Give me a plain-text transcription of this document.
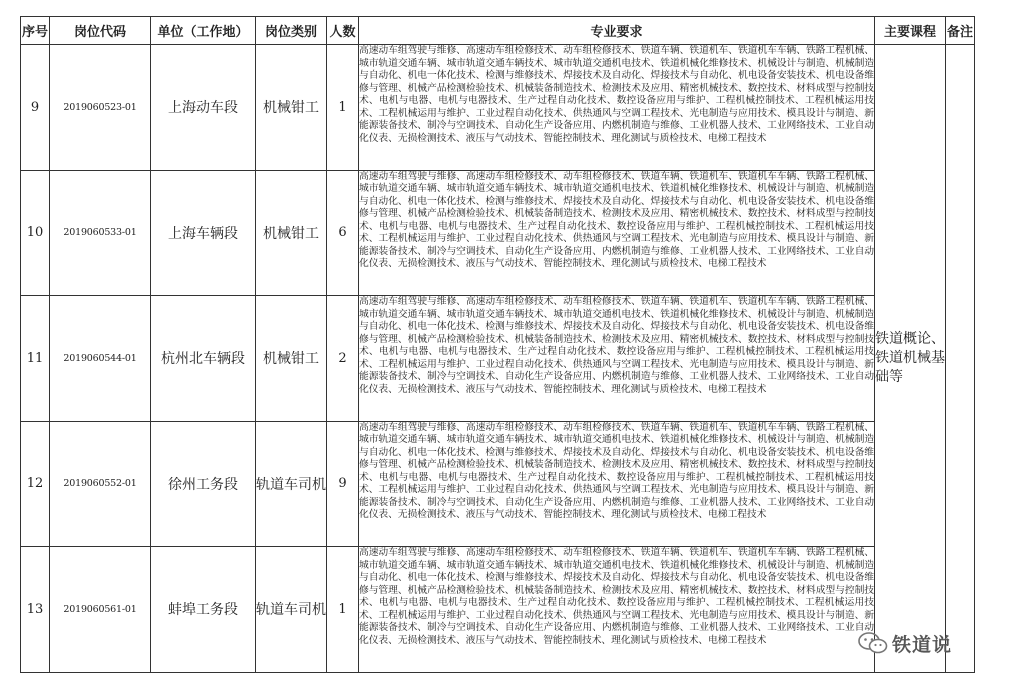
序号	岗位代码	单位（工作地）	岗位类别	人数	专业要求	主要课程	备注
9	2019060523-01	上海动车段	机械钳工	1	高速动车组驾驶与维修、高速动车组检修技术、动车组检修技术、铁道车辆、铁道机车、铁道机车车辆、铁路工程机械、城市轨道交通车辆、城市轨道交通车辆技术、城市轨道交通机电技术、铁道机械化维修技术、机械设计与制造、机械制造与自动化、机电一体化技术、检测与维修技术、焊接技术及自动化、焊接技术与自动化、机电设备安装技术、机电设备维修与管理、机械产品检测检验技术、机械装备制造技术、检测技术及应用、精密机械技术、数控技术、材料成型与控制技术、电机与电器、电机与电器技术、生产过程自动化技术、数控设备应用与维护、工程机械控制技术、工程机械运用技术、工程机械运用与维护、工业过程自动化技术、供热通风与空调工程技术、光电制造与应用技术、模具设计与制造、新能源装备技术、制冷与空调技术、自动化生产设备应用、内燃机制造与维修、工业机器人技术、工业网络技术、工业自动化仪表、无损检测技术、液压与气动技术、智能控制技术、理化测试与质检技术、电梯工程技术	铁道概论、铁道机械基础等	
10	2019060533-01	上海车辆段	机械钳工	6	高速动车组驾驶与维修、高速动车组检修技术、动车组检修技术、铁道车辆、铁道机车、铁道机车车辆、铁路工程机械、城市轨道交通车辆、城市轨道交通车辆技术、城市轨道交通机电技术、铁道机械化维修技术、机械设计与制造、机械制造与自动化、机电一体化技术、检测与维修技术、焊接技术及自动化、焊接技术与自动化、机电设备安装技术、机电设备维修与管理、机械产品检测检验技术、机械装备制造技术、检测技术及应用、精密机械技术、数控技术、材料成型与控制技术、电机与电器、电机与电器技术、生产过程自动化技术、数控设备应用与维护、工程机械控制技术、工程机械运用技术、工程机械运用与维护、工业过程自动化技术、供热通风与空调工程技术、光电制造与应用技术、模具设计与制造、新能源装备技术、制冷与空调技术、自动化生产设备应用、内燃机制造与维修、工业机器人技术、工业网络技术、工业自动化仪表、无损检测技术、液压与气动技术、智能控制技术、理化测试与质检技术、电梯工程技术		
11	2019060544-01	杭州北车辆段	机械钳工	2	高速动车组驾驶与维修、高速动车组检修技术、动车组检修技术、铁道车辆、铁道机车、铁道机车车辆、铁路工程机械、城市轨道交通车辆、城市轨道交通车辆技术、城市轨道交通机电技术、铁道机械化维修技术、机械设计与制造、机械制造与自动化、机电一体化技术、检测与维修技术、焊接技术及自动化、焊接技术与自动化、机电设备安装技术、机电设备维修与管理、机械产品检测检验技术、机械装备制造技术、检测技术及应用、精密机械技术、数控技术、材料成型与控制技术、电机与电器、电机与电器技术、生产过程自动化技术、数控设备应用与维护、工程机械控制技术、工程机械运用技术、工程机械运用与维护、工业过程自动化技术、供热通风与空调工程技术、光电制造与应用技术、模具设计与制造、新能源装备技术、制冷与空调技术、自动化生产设备应用、内燃机制造与维修、工业机器人技术、工业网络技术、工业自动化仪表、无损检测技术、液压与气动技术、智能控制技术、理化测试与质检技术、电梯工程技术		
12	2019060552-01	徐州工务段	轨道车司机	9	高速动车组驾驶与维修、高速动车组检修技术、动车组检修技术、铁道车辆、铁道机车、铁道机车车辆、铁路工程机械、城市轨道交通车辆、城市轨道交通车辆技术、城市轨道交通机电技术、铁道机械化维修技术、机械设计与制造、机械制造与自动化、机电一体化技术、检测与维修技术、焊接技术及自动化、焊接技术与自动化、机电设备安装技术、机电设备维修与管理、机械产品检测检验技术、机械装备制造技术、检测技术及应用、精密机械技术、数控技术、材料成型与控制技术、电机与电器、电机与电器技术、生产过程自动化技术、数控设备应用与维护、工程机械控制技术、工程机械运用技术、工程机械运用与维护、工业过程自动化技术、供热通风与空调工程技术、光电制造与应用技术、模具设计与制造、新能源装备技术、制冷与空调技术、自动化生产设备应用、内燃机制造与维修、工业机器人技术、工业网络技术、工业自动化仪表、无损检测技术、液压与气动技术、智能控制技术、理化测试与质检技术、电梯工程技术		
13	2019060561-01	蚌埠工务段	轨道车司机	1	高速动车组驾驶与维修、高速动车组检修技术、动车组检修技术、铁道车辆、铁道机车、铁道机车车辆、铁路工程机械、城市轨道交通车辆、城市轨道交通车辆技术、城市轨道交通机电技术、铁道机械化维修技术、机械设计与制造、机械制造与自动化、机电一体化技术、检测与维修技术、焊接技术及自动化、焊接技术与自动化、机电设备安装技术、机电设备维修与管理、机械产品检测检验技术、机械装备制造技术、检测技术及应用、精密机械技术、数控技术、材料成型与控制技术、电机与电器、电机与电器技术、生产过程自动化技术、数控设备应用与维护、工程机械控制技术、工程机械运用技术、工程机械运用与维护、工业过程自动化技术、供热通风与空调工程技术、光电制造与应用技术、模具设计与制造、新能源装备技术、制冷与空调技术、自动化生产设备应用、内燃机制造与维修、工业机器人技术、工业网络技术、工业自动化仪表、无损检测技术、液压与气动技术、智能控制技术、理化测试与质检技术、电梯工程技术			铁道说
